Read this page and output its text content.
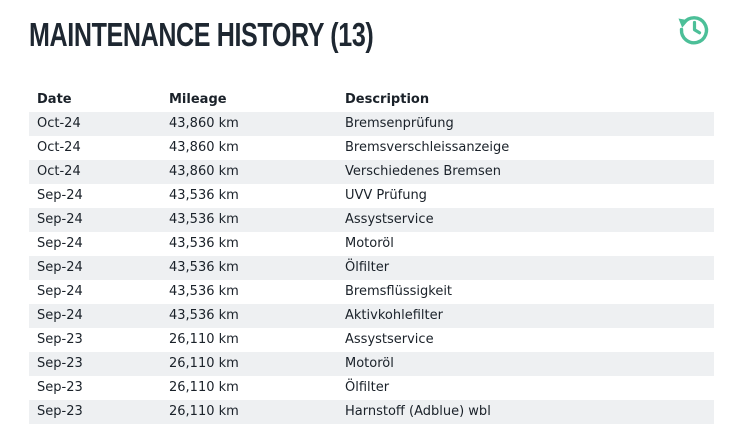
MAINTENANCE HISTORY (13)
Date	Mileage	Description
Oct-24	43,860 km	Bremsenprüfung
Oct-24	43,860 km	Bremsverschleissanzeige
Oct-24	43,860 km	Verschiedenes Bremsen
Sep-24	43,536 km	UVV Prüfung
Sep-24	43,536 km	Assystservice
Sep-24	43,536 km	Motoröl
Sep-24	43,536 km	Ölfilter
Sep-24	43,536 km	Bremsflüssigkeit
Sep-24	43,536 km	Aktivkohlefilter
Sep-23	26,110 km	Assystservice
Sep-23	26,110 km	Motoröl
Sep-23	26,110 km	Ölfilter
Sep-23	26,110 km	Harnstoff (Adblue) wbl
